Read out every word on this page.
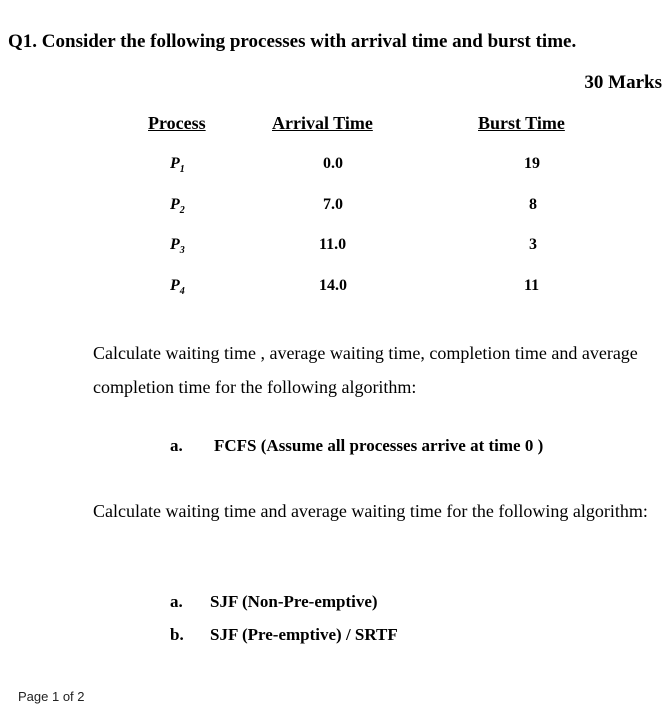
Q1. Consider the following processes with arrival time and burst time.
30 Marks
Process	Arrival Time	Burst Time
$P_1$	0.0	19
$P_2$	7.0	8
$P_3$	11.0	3
$P_4$	14.0	11
Calculate waiting time , average waiting time, completion time and average completion time for the following algorithm:
a. FCFS (Assume all processes arrive at time 0 )
Calculate waiting time and average waiting time for the following algorithm:
a. SJF (Non-Pre-emptive)
b. SJF (Pre-emptive) / SRTF
Page 1 of 2
